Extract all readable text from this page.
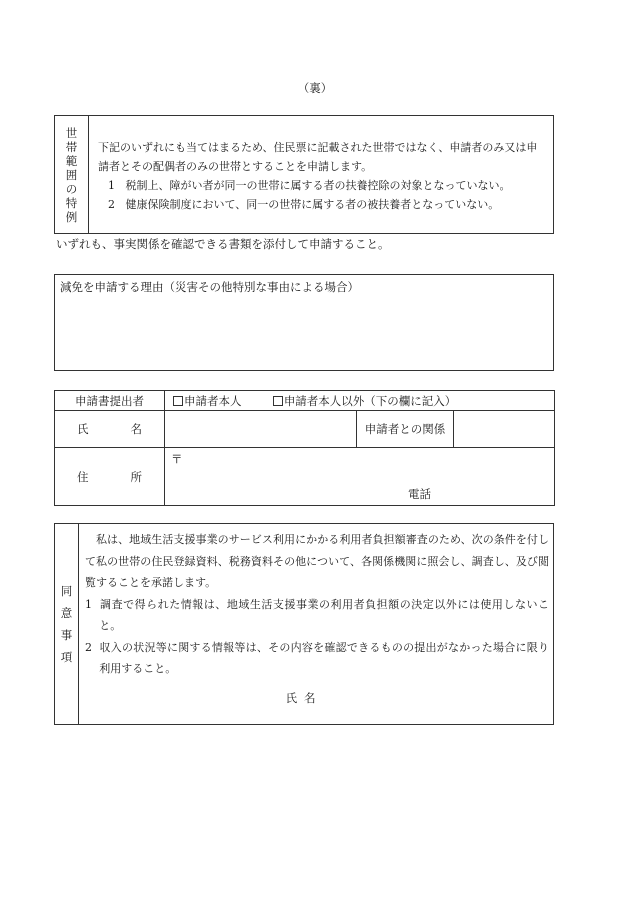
（裏）
世
帯
範
囲
の
特
例
下記のいずれにも当てはまるため、住民票に記載された世帯ではなく、申請者のみ又は申請者とその配偶者のみの世帯とすることを申請します。
1 税制上、障がい者が同一の世帯に属する者の扶養控除の対象となっていない。
2 健康保険制度において、同一の世帯に属する者の被扶養者となっていない。
いずれも、事実関係を確認できる書類を添付して申請すること。
減免を申請する理由（災害その他特別な事由による場合）
申請書提出者	申請者本人 申請者本人以外（下の欄に記入）		

氏 名		申請者との関係	

住 所	〒
電話		
同
意
事
項

私は、地域生活支援事業のサービス利用にかかる利用者負担額審査のため、次の条件を付して私の世帯の住民登録資料、税務資料その他について、各関係機関に照会し、調査し、及び閲覧することを承諾します。

1 調査で得られた情報は、地域生活支援事業の利用者負担額の決定以外には使用しないこと。

2 収入の状況等に関する情報等は、その内容を確認できるものの提出がなかった場合に限り利用すること。

氏名
